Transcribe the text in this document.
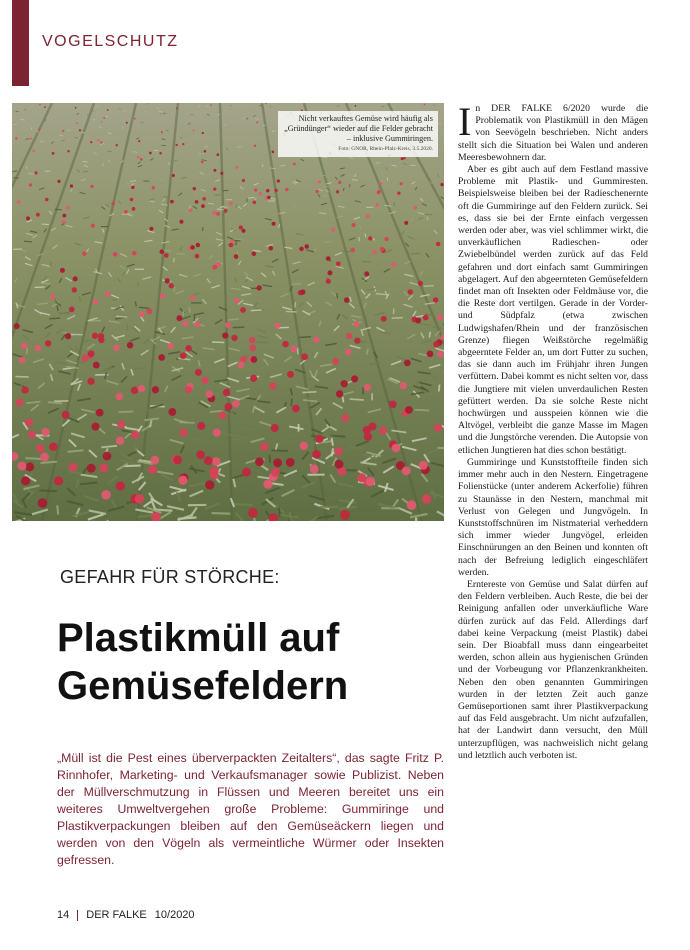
VOGELSCHUTZ
Nicht verkauftes Gemüse wird häufig als „Gründünger“ wieder auf die Felder gebracht – inklusive Gummiringen.
Foto: GNOR, Rhein-Pfalz-Kreis, 3.5.2020.
GEFAHR FÜR STÖRCHE:
Plastikmüll auf Gemüsefeldern
„Müll ist die Pest eines überverpackten Zeitalters“, das sagte Fritz P. Rinnhofer, Marketing- und Verkaufsmanager sowie Publizist. Neben der Müllverschmutzung in Flüssen und Meeren bereitet uns ein weiteres Umweltvergehen große Probleme: Gummiringe und Plastikverpackungen bleiben auf den Gemüseäckern liegen und werden von den Vögeln als vermeintliche Würmer oder Insekten gefressen.

In DER FALKE 6/2020 wurde die Problematik von Plastikmüll in den Mägen von Seevögeln beschrieben. Nicht anders stellt sich die Situation bei Walen und anderen Meeresbewohnern dar.

Aber es gibt auch auf dem Festland massive Probleme mit Plastik- und Gummiresten. Beispielsweise bleiben bei der Radieschenernte oft die Gummiringe auf den Feldern zurück. Sei es, dass sie bei der Ernte einfach vergessen werden oder aber, was viel schlimmer wirkt, die unverkäuflichen Radieschen- oder Zwiebelbündel werden zurück auf das Feld gefahren und dort einfach samt Gummiringen abgelagert. Auf den abgeernteten Gemüsefeldern findet man oft Insekten oder Feldmäuse vor, die die Reste dort vertilgen. Gerade in der Vorder- und Südpfalz (etwa zwischen Ludwigshafen/Rhein und der französischen Grenze) fliegen Weißstörche regelmäßig abgeerntete Felder an, um dort Futter zu suchen, das sie dann auch im Frühjahr ihren Jungen verfüttern. Dabei kommt es nicht selten vor, dass die Jungtiere mit vielen unverdaulichen Resten gefüttert werden. Da sie solche Reste nicht hochwürgen und ausspeien können wie die Altvögel, verbleibt die ganze Masse im Magen und die Jungstörche verenden. Die Autopsie von etlichen Jungtieren hat dies schon bestätigt.

Gummiringe und Kunststoffteile finden sich immer mehr auch in den Nestern. Eingetragene Folienstücke (unter anderem Ackerfolie) führen zu Staunässe in den Nestern, manchmal mit Verlust von Gelegen und Jungvögeln. In Kunststoffschnüren im Nistmaterial verheddern sich immer wieder Jungvögel, erleiden Einschnürungen an den Beinen und konnten oft nach der Befreiung lediglich eingeschläfert werden.

Erntereste von Gemüse und Salat dürfen auf den Feldern verbleiben. Auch Reste, die bei der Reinigung anfallen oder unverkäufliche Ware dürfen zurück auf das Feld. Allerdings darf dabei keine Verpackung (meist Plastik) dabei sein. Der Bioabfall muss dann eingearbeitet werden, schon allein aus hygienischen Gründen und der Vorbeugung vor Pflanzenkrankheiten. Neben den oben genannten Gummiringen wurden in der letzten Zeit auch ganze Gemüseportionen samt ihrer Plastikverpackung auf das Feld ausgebracht. Um nicht aufzufallen, hat der Landwirt dann versucht, den Müll unterzupflügen, was nachweislich nicht gelang und letztlich auch verboten ist.

14 DER FALKE 10/2020
